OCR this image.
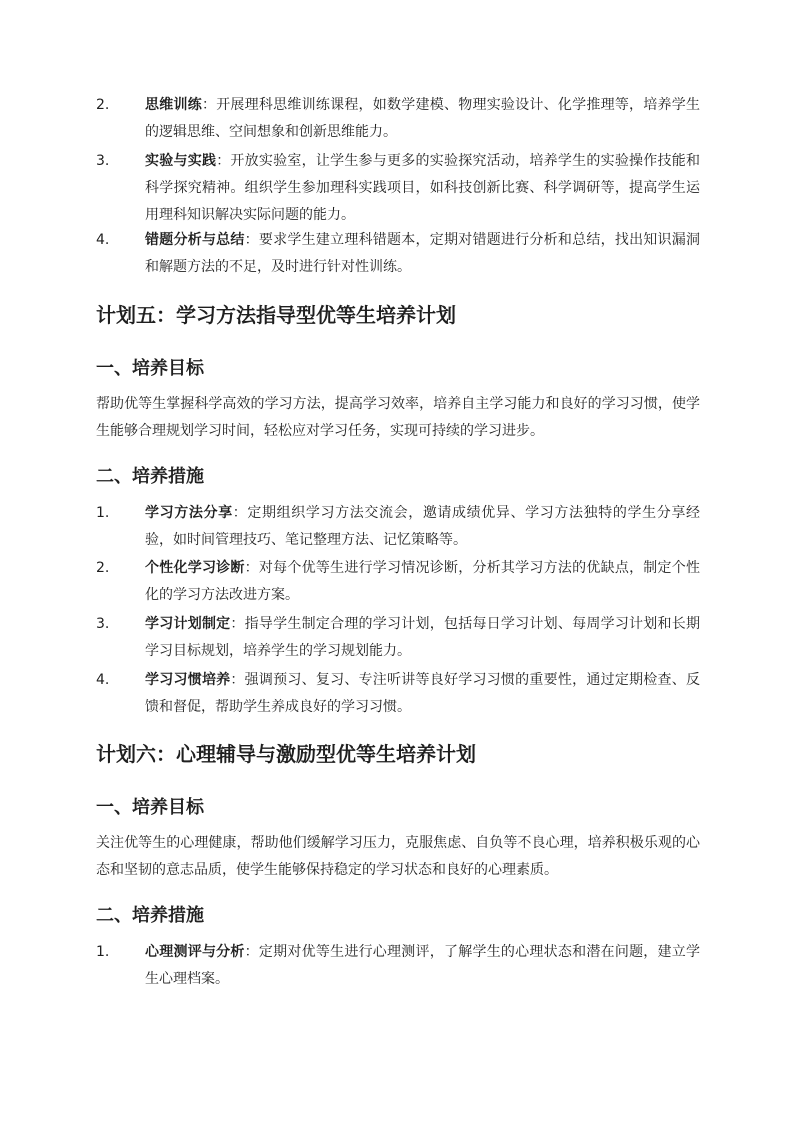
2.	思维训练：开展理科思维训练课程，如数学建模、物理实验设计、化学推理等，培养学生的逻辑思维、空间想象和创新思维能力。
3.	实验与实践：开放实验室，让学生参与更多的实验探究活动，培养学生的实验操作技能和科学探究精神。组织学生参加理科实践项目，如科技创新比赛、科学调研等，提高学生运用理科知识解决实际问题的能力。
4.	错题分析与总结：要求学生建立理科错题本，定期对错题进行分析和总结，找出知识漏洞和解题方法的不足，及时进行针对性训练。
计划五：学习方法指导型优等生培养计划
一、培养目标
帮助优等生掌握科学高效的学习方法，提高学习效率，培养自主学习能力和良好的学习习惯，使学生能够合理规划学习时间，轻松应对学习任务，实现可持续的学习进步。
二、培养措施
1.	学习方法分享：定期组织学习方法交流会，邀请成绩优异、学习方法独特的学生分享经验，如时间管理技巧、笔记整理方法、记忆策略等。
2.	个性化学习诊断：对每个优等生进行学习情况诊断，分析其学习方法的优缺点，制定个性化的学习方法改进方案。
3.	学习计划制定：指导学生制定合理的学习计划，包括每日学习计划、每周学习计划和长期学习目标规划，培养学生的学习规划能力。
4.	学习习惯培养：强调预习、复习、专注听讲等良好学习习惯的重要性，通过定期检查、反馈和督促，帮助学生养成良好的学习习惯。
计划六：心理辅导与激励型优等生培养计划
一、培养目标
关注优等生的心理健康，帮助他们缓解学习压力，克服焦虑、自负等不良心理，培养积极乐观的心态和坚韧的意志品质，使学生能够保持稳定的学习状态和良好的心理素质。
二、培养措施
1.	心理测评与分析：定期对优等生进行心理测评，了解学生的心理状态和潜在问题，建立学生心理档案。
